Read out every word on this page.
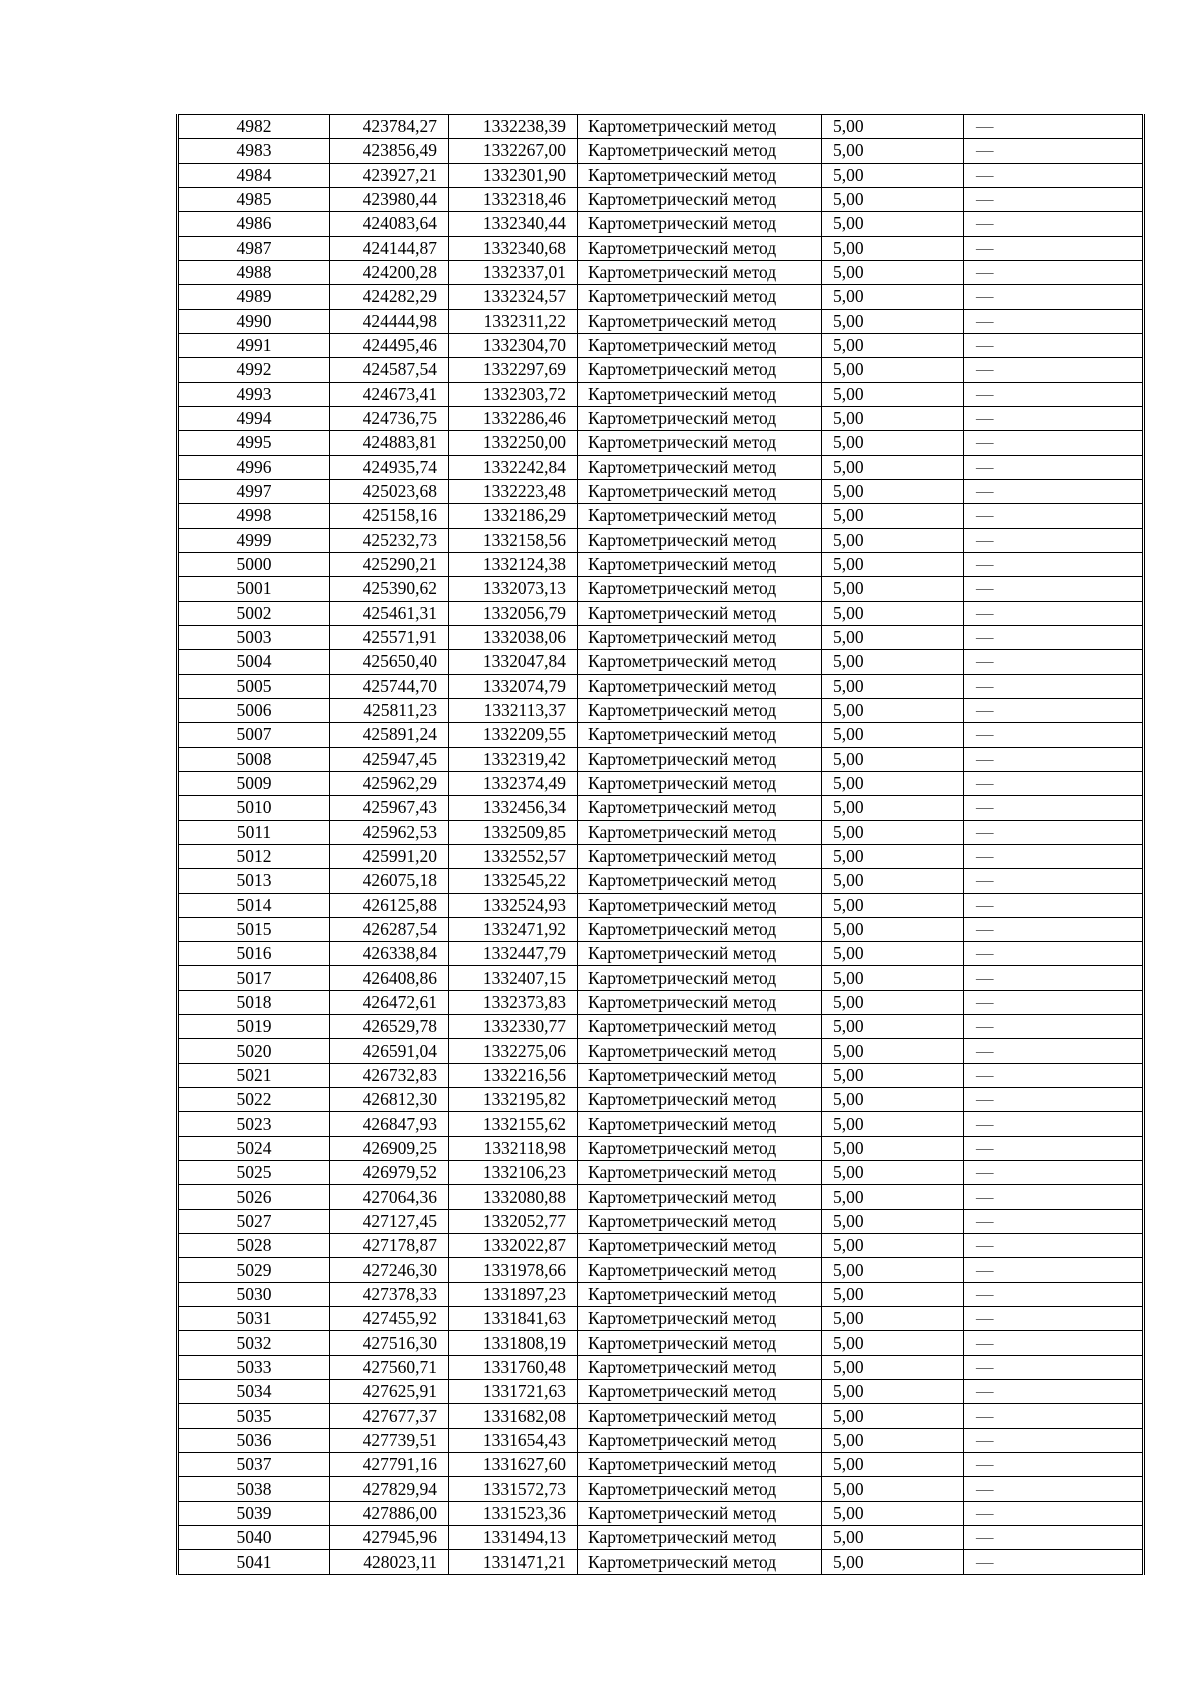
4982	423784,27	1332238,39	Картометрический метод	5,00	—
4983	423856,49	1332267,00	Картометрический метод	5,00	—
4984	423927,21	1332301,90	Картометрический метод	5,00	—
4985	423980,44	1332318,46	Картометрический метод	5,00	—
4986	424083,64	1332340,44	Картометрический метод	5,00	—
4987	424144,87	1332340,68	Картометрический метод	5,00	—
4988	424200,28	1332337,01	Картометрический метод	5,00	—
4989	424282,29	1332324,57	Картометрический метод	5,00	—
4990	424444,98	1332311,22	Картометрический метод	5,00	—
4991	424495,46	1332304,70	Картометрический метод	5,00	—
4992	424587,54	1332297,69	Картометрический метод	5,00	—
4993	424673,41	1332303,72	Картометрический метод	5,00	—
4994	424736,75	1332286,46	Картометрический метод	5,00	—
4995	424883,81	1332250,00	Картометрический метод	5,00	—
4996	424935,74	1332242,84	Картометрический метод	5,00	—
4997	425023,68	1332223,48	Картометрический метод	5,00	—
4998	425158,16	1332186,29	Картометрический метод	5,00	—
4999	425232,73	1332158,56	Картометрический метод	5,00	—
5000	425290,21	1332124,38	Картометрический метод	5,00	—
5001	425390,62	1332073,13	Картометрический метод	5,00	—
5002	425461,31	1332056,79	Картометрический метод	5,00	—
5003	425571,91	1332038,06	Картометрический метод	5,00	—
5004	425650,40	1332047,84	Картометрический метод	5,00	—
5005	425744,70	1332074,79	Картометрический метод	5,00	—
5006	425811,23	1332113,37	Картометрический метод	5,00	—
5007	425891,24	1332209,55	Картометрический метод	5,00	—
5008	425947,45	1332319,42	Картометрический метод	5,00	—
5009	425962,29	1332374,49	Картометрический метод	5,00	—
5010	425967,43	1332456,34	Картометрический метод	5,00	—
5011	425962,53	1332509,85	Картометрический метод	5,00	—
5012	425991,20	1332552,57	Картометрический метод	5,00	—
5013	426075,18	1332545,22	Картометрический метод	5,00	—
5014	426125,88	1332524,93	Картометрический метод	5,00	—
5015	426287,54	1332471,92	Картометрический метод	5,00	—
5016	426338,84	1332447,79	Картометрический метод	5,00	—
5017	426408,86	1332407,15	Картометрический метод	5,00	—
5018	426472,61	1332373,83	Картометрический метод	5,00	—
5019	426529,78	1332330,77	Картометрический метод	5,00	—
5020	426591,04	1332275,06	Картометрический метод	5,00	—
5021	426732,83	1332216,56	Картометрический метод	5,00	—
5022	426812,30	1332195,82	Картометрический метод	5,00	—
5023	426847,93	1332155,62	Картометрический метод	5,00	—
5024	426909,25	1332118,98	Картометрический метод	5,00	—
5025	426979,52	1332106,23	Картометрический метод	5,00	—
5026	427064,36	1332080,88	Картометрический метод	5,00	—
5027	427127,45	1332052,77	Картометрический метод	5,00	—
5028	427178,87	1332022,87	Картометрический метод	5,00	—
5029	427246,30	1331978,66	Картометрический метод	5,00	—
5030	427378,33	1331897,23	Картометрический метод	5,00	—
5031	427455,92	1331841,63	Картометрический метод	5,00	—
5032	427516,30	1331808,19	Картометрический метод	5,00	—
5033	427560,71	1331760,48	Картометрический метод	5,00	—
5034	427625,91	1331721,63	Картометрический метод	5,00	—
5035	427677,37	1331682,08	Картометрический метод	5,00	—
5036	427739,51	1331654,43	Картометрический метод	5,00	—
5037	427791,16	1331627,60	Картометрический метод	5,00	—
5038	427829,94	1331572,73	Картометрический метод	5,00	—
5039	427886,00	1331523,36	Картометрический метод	5,00	—
5040	427945,96	1331494,13	Картометрический метод	5,00	—
5041	428023,11	1331471,21	Картометрический метод	5,00	—
